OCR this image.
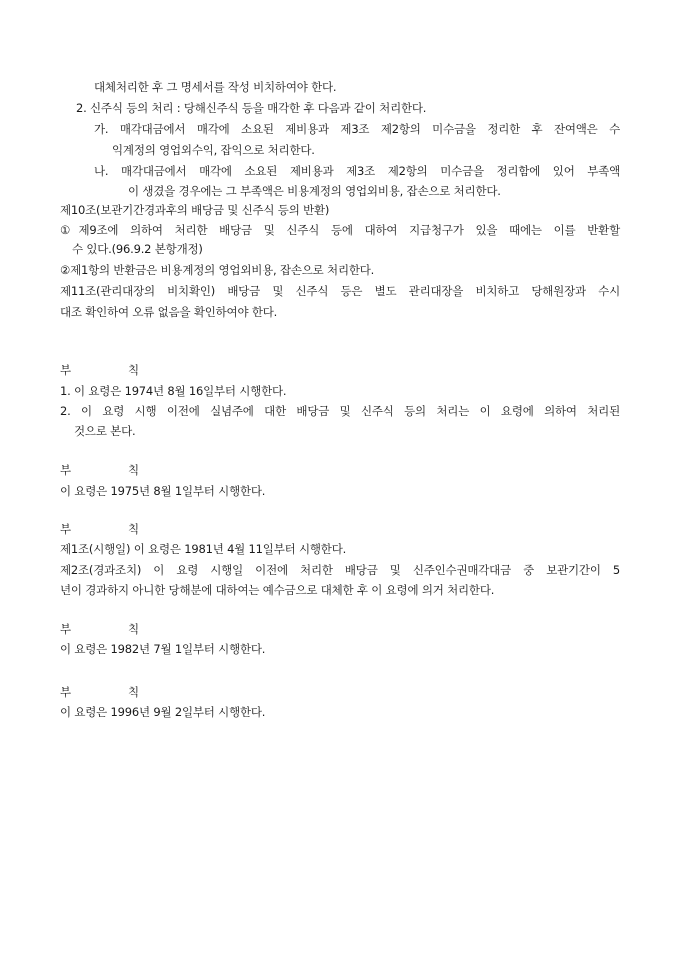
대체처리한 후 그 명세서를 작성 비치하여야 한다.
2. 신주식 등의 처리 : 당해신주식 등을 매각한 후 다음과 같이 처리한다.
가. 매각대금에서 매각에 소요된 제비용과 제3조 제2항의 미수금을 정리한 후 잔여액은 수
익계정의 영업외수익, 잡익으로 처리한다.
나. 매각대금에서 매각에 소요된 제비용과 제3조 제2항의 미수금을 정리함에 있어 부족액
이 생겼을 경우에는 그 부족액은 비용계정의 영업외비용, 잡손으로 처리한다.
제10조(보관기간경과후의 배당금 및 신주식 등의 반환)
①제9조에 의하여 처리한 배당금 및 신주식 등에 대하여 지급청구가 있을 때에는 이를 반환할
수 있다.(96.9.2 본항개정)
②제1항의 반환금은 비용계정의 영업외비용, 잡손으로 처리한다.
제11조(관리대장의 비치확인) 배당금 및 신주식 등은 별도 관리대장을 비치하고 당해원장과 수시
대조 확인하여 오류 없음을 확인하여야 한다.
부	칙
1. 이 요령은 1974년 8월 16일부터 시행한다.
2. 이 요령 시행 이전에 실념주에 대한 배당금 및 신주식 등의 처리는 이 요령에 의하여 처리된
것으로 본다.
부	칙
이 요령은 1975년 8월 1일부터 시행한다.
부	칙
제1조(시행일) 이 요령은 1981년 4월 11일부터 시행한다.
제2조(경과조치) 이 요령 시행일 이전에 처리한 배당금 및 신주인수권매각대금 중 보관기간이 5
년이 경과하지 아니한 당해분에 대하여는 예수금으로 대체한 후 이 요령에 의거 처리한다.
부	칙
이 요령은 1982년 7월 1일부터 시행한다.
부	칙
이 요령은 1996년 9월 2일부터 시행한다.
